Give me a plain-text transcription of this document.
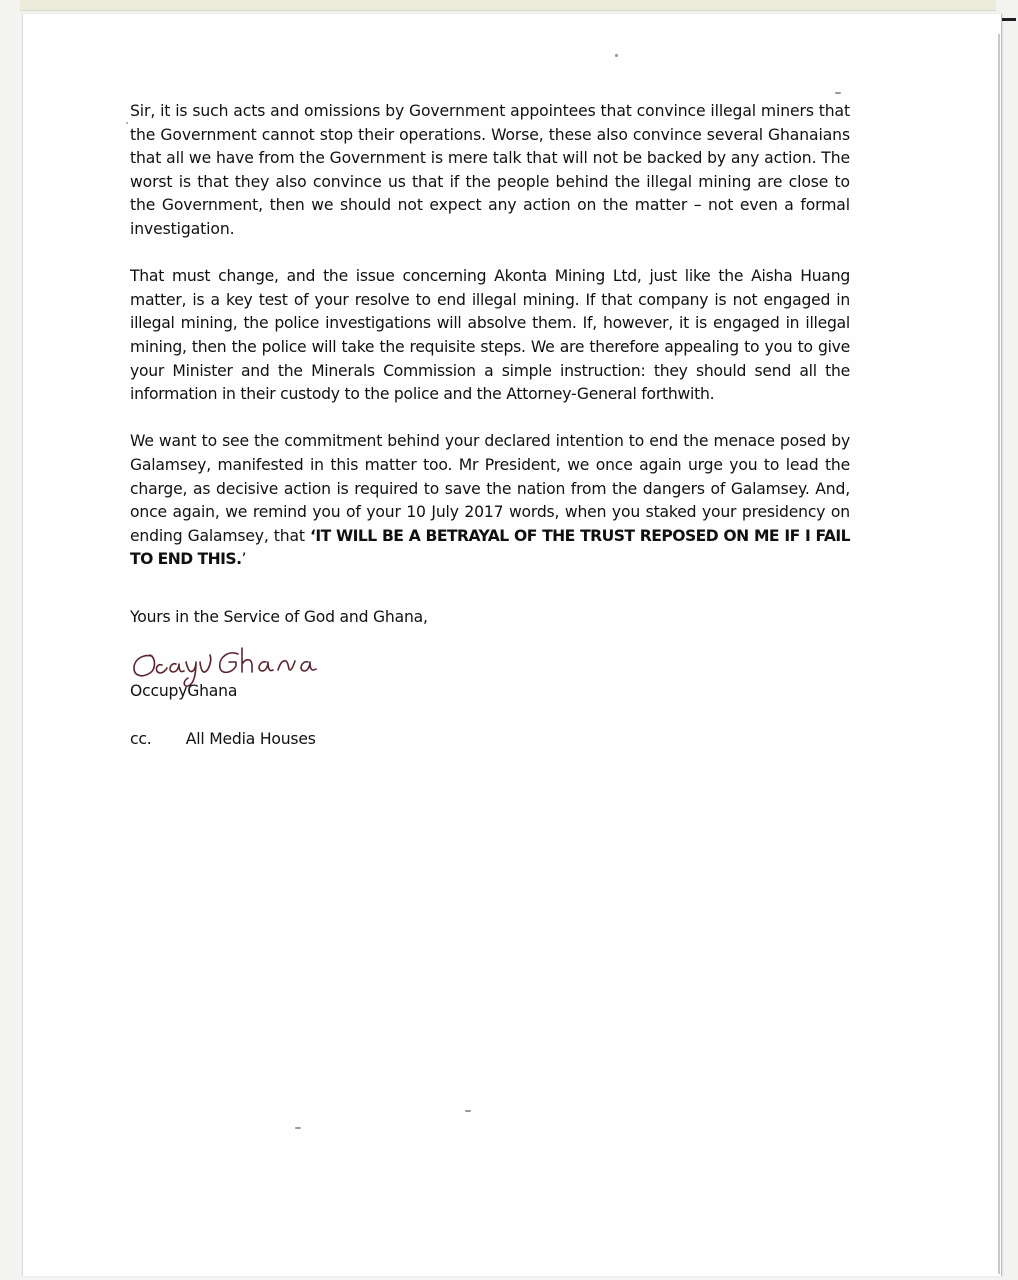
Sir, it is such acts and omissions by Government appointees that convince illegal miners that the Government cannot stop their operations. Worse, these also convince several Ghanaians that all we have from the Government is mere talk that will not be backed by any action. The worst is that they also convince us that if the people behind the illegal mining are close to the Government, then we should not expect any action on the matter – not even a formal investigation.

That must change, and the issue concerning Akonta Mining Ltd, just like the Aisha Huang matter, is a key test of your resolve to end illegal mining. If that company is not engaged in illegal mining, the police investigations will absolve them. If, however, it is engaged in illegal mining, then the police will take the requisite steps. We are therefore appealing to you to give your Minister and the Minerals Commission a simple instruction: they should send all the information in their custody to the police and the Attorney-General forthwith.

We want to see the commitment behind your declared intention to end the menace posed by Galamsey, manifested in this matter too. Mr President, we once again urge you to lead the charge, as decisive action is required to save the nation from the dangers of Galamsey. And, once again, we remind you of your 10 July 2017 words, when you staked your presidency on ending Galamsey, that ‘IT WILL BE A BETRAYAL OF THE TRUST REPOSED ON ME IF I FAIL TO END THIS.’

Yours in the Service of God and Ghana,
OccupyGhana
cc. All Media Houses
